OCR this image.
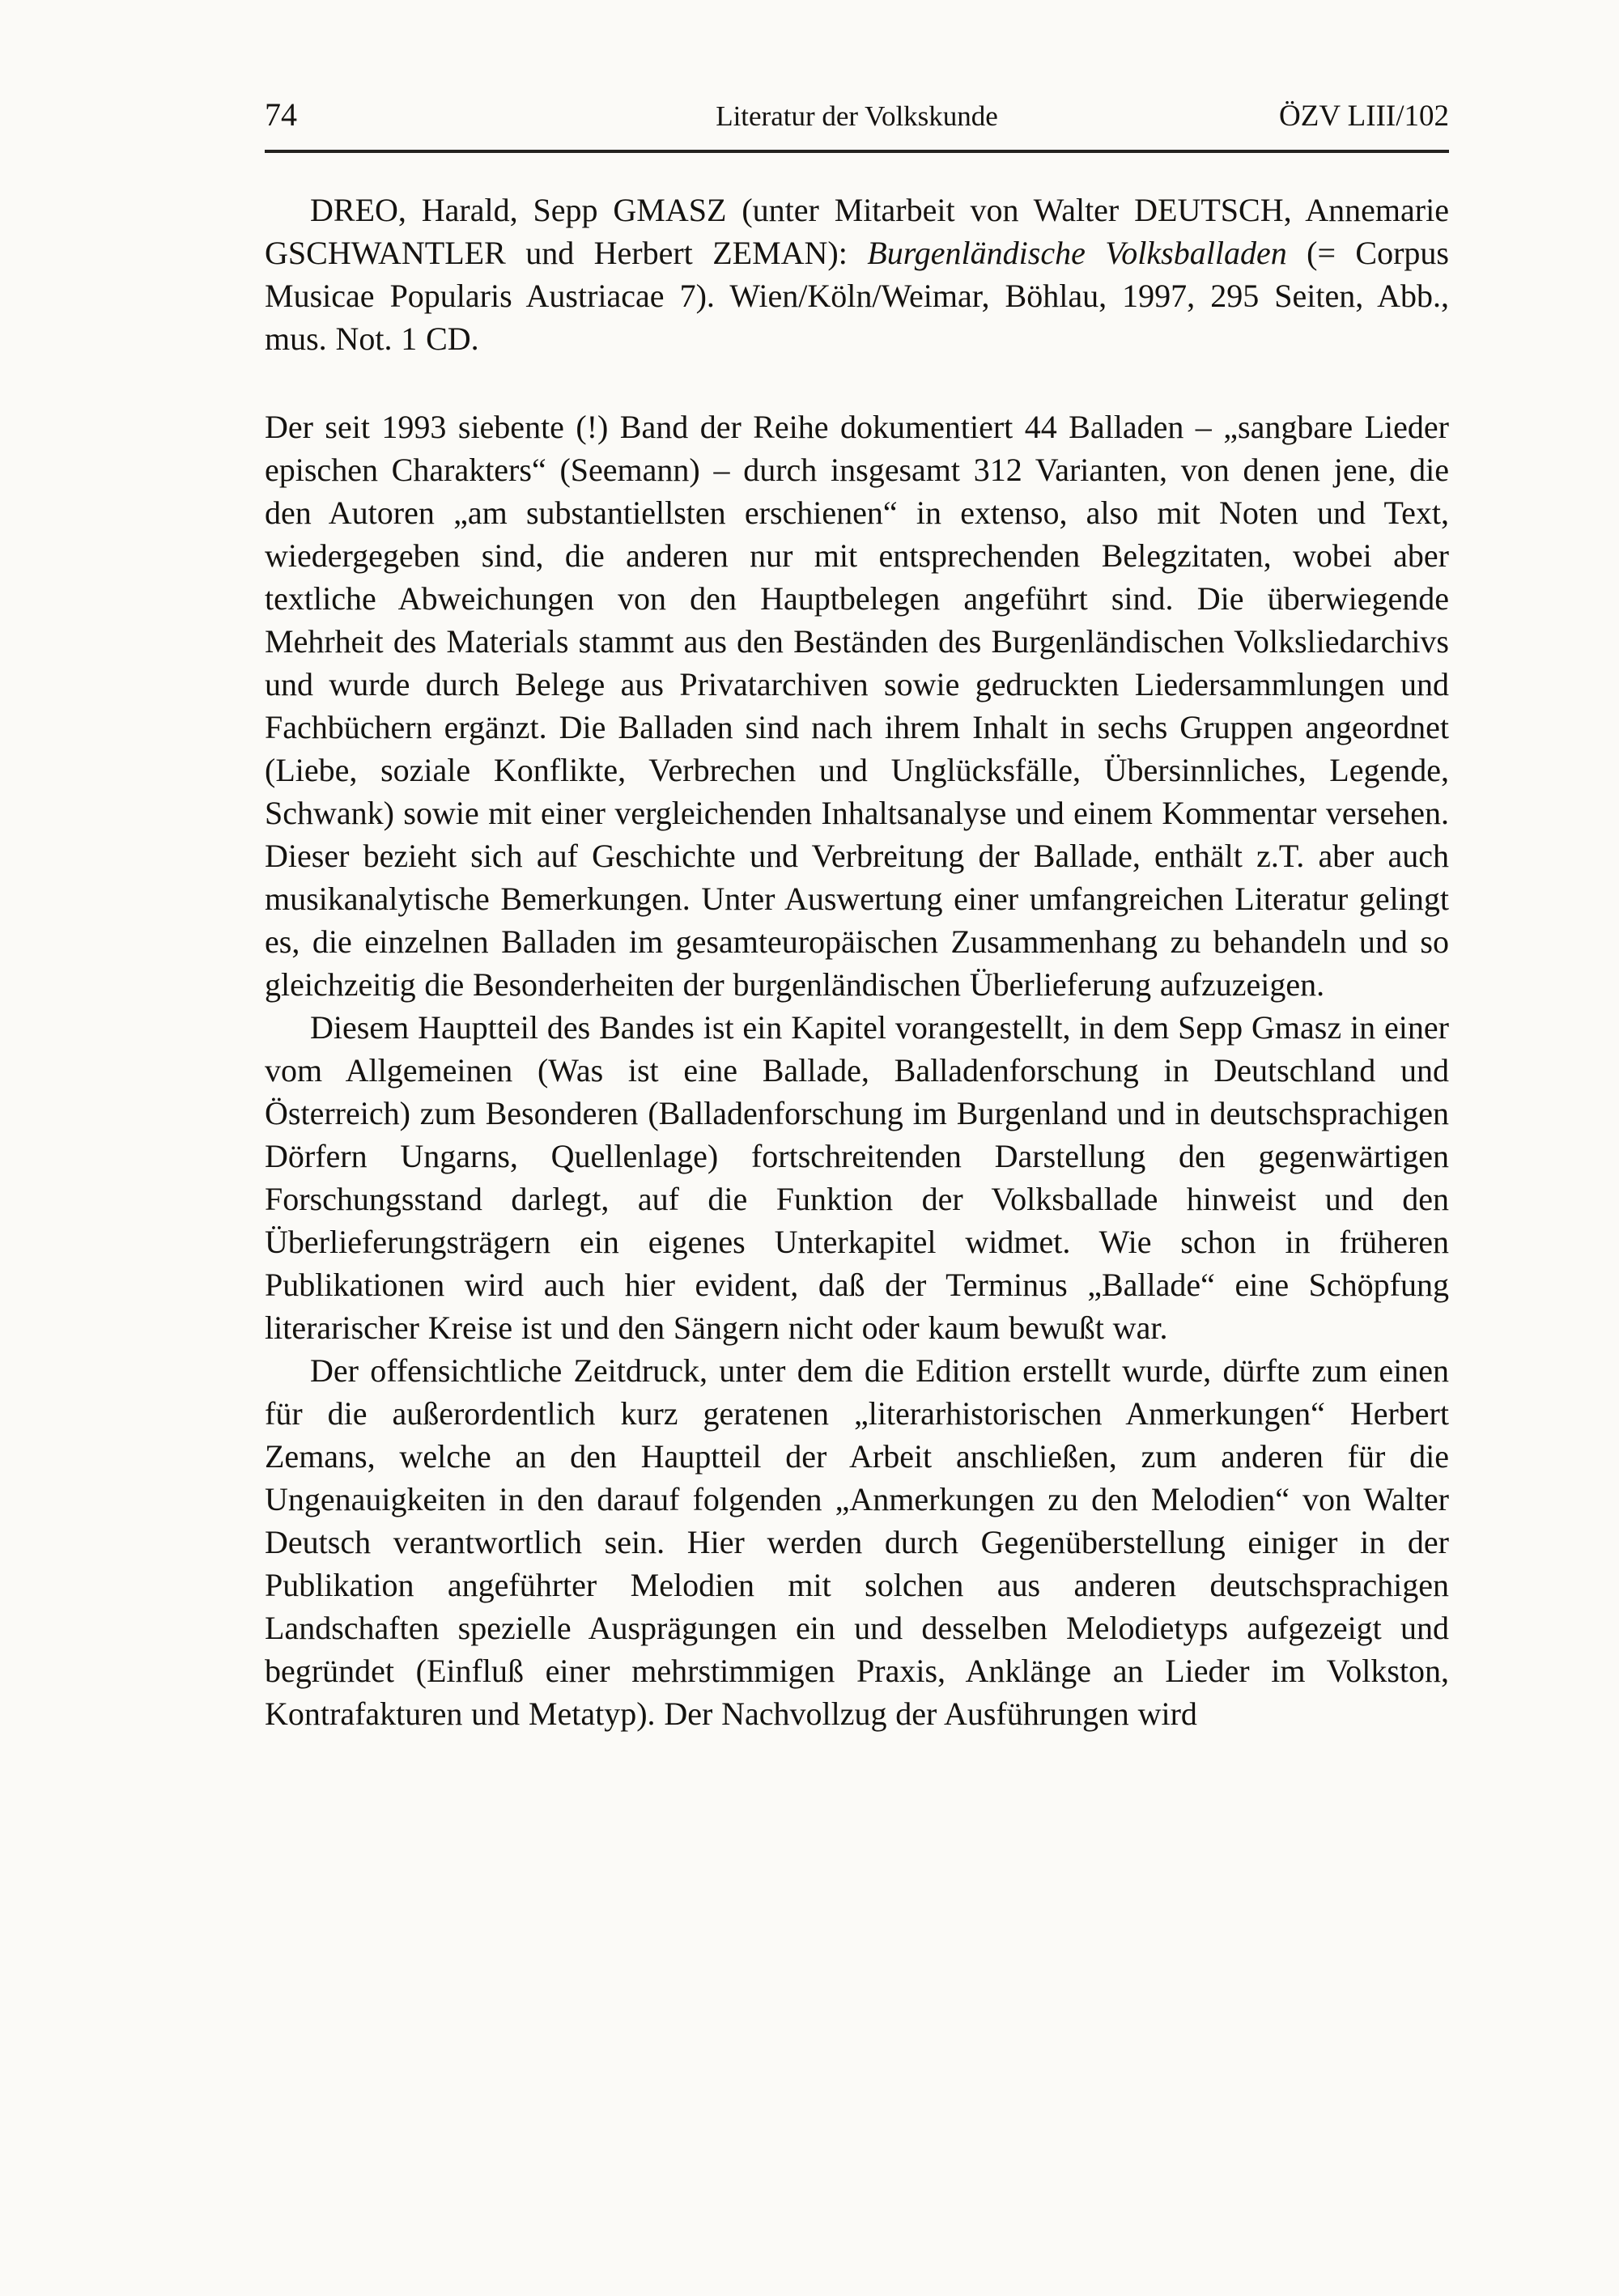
74	Literatur der Volkskunde	ÖZV LIII/102

DREO, Harald, Sepp GMASZ (unter Mitarbeit von Walter DEUTSCH, Annemarie GSCHWANTLER und Herbert ZEMAN): Burgenländische Volksballaden (= Corpus Musicae Popularis Austriacae 7). Wien/Köln/Weimar, Böhlau, 1997, 295 Seiten, Abb., mus. Not. 1 CD.

Der seit 1993 siebente (!) Band der Reihe dokumentiert 44 Balladen – „sangbare Lieder epischen Charakters“ (Seemann) – durch insgesamt 312 Varianten, von denen jene, die den Autoren „am substantiellsten erschienen“ in extenso, also mit Noten und Text, wiedergegeben sind, die anderen nur mit entsprechenden Belegzitaten, wobei aber textliche Abweichungen von den Hauptbelegen angeführt sind. Die überwiegende Mehrheit des Materials stammt aus den Beständen des Burgenländischen Volksliedarchivs und wurde durch Belege aus Privatarchiven sowie gedruckten Liedersammlungen und Fachbüchern ergänzt. Die Balladen sind nach ihrem Inhalt in sechs Gruppen angeordnet (Liebe, soziale Konflikte, Verbrechen und Unglücksfälle, Übersinnliches, Legende, Schwank) sowie mit einer vergleichenden Inhaltsanalyse und einem Kommentar versehen. Dieser bezieht sich auf Geschichte und Verbreitung der Ballade, enthält z.T. aber auch musikanalytische Bemerkungen. Unter Auswertung einer umfangreichen Literatur gelingt es, die einzelnen Balladen im gesamteuropäischen Zusammenhang zu behandeln und so gleichzeitig die Besonderheiten der burgenländischen Überlieferung aufzuzeigen.

Diesem Hauptteil des Bandes ist ein Kapitel vorangestellt, in dem Sepp Gmasz in einer vom Allgemeinen (Was ist eine Ballade, Balladenforschung in Deutschland und Österreich) zum Besonderen (Balladenforschung im Burgenland und in deutschsprachigen Dörfern Ungarns, Quellenlage) fortschreitenden Darstellung den gegenwärtigen Forschungsstand darlegt, auf die Funktion der Volksballade hinweist und den Überlieferungsträgern ein eigenes Unterkapitel widmet. Wie schon in früheren Publikationen wird auch hier evident, daß der Terminus „Ballade“ eine Schöpfung literarischer Kreise ist und den Sängern nicht oder kaum bewußt war.

Der offensichtliche Zeitdruck, unter dem die Edition erstellt wurde, dürfte zum einen für die außerordentlich kurz geratenen „literarhistorischen Anmerkungen“ Herbert Zemans, welche an den Hauptteil der Arbeit anschließen, zum anderen für die Ungenauigkeiten in den darauf folgenden „Anmerkungen zu den Melodien“ von Walter Deutsch verantwortlich sein. Hier werden durch Gegenüberstellung einiger in der Publikation angeführter Melodien mit solchen aus anderen deutschsprachigen Landschaften spezielle Ausprägungen ein und desselben Melodietyps aufgezeigt und begründet (Einfluß einer mehrstimmigen Praxis, Anklänge an Lieder im Volkston, Kontrafakturen und Metatyp). Der Nachvollzug der Ausführungen wird
